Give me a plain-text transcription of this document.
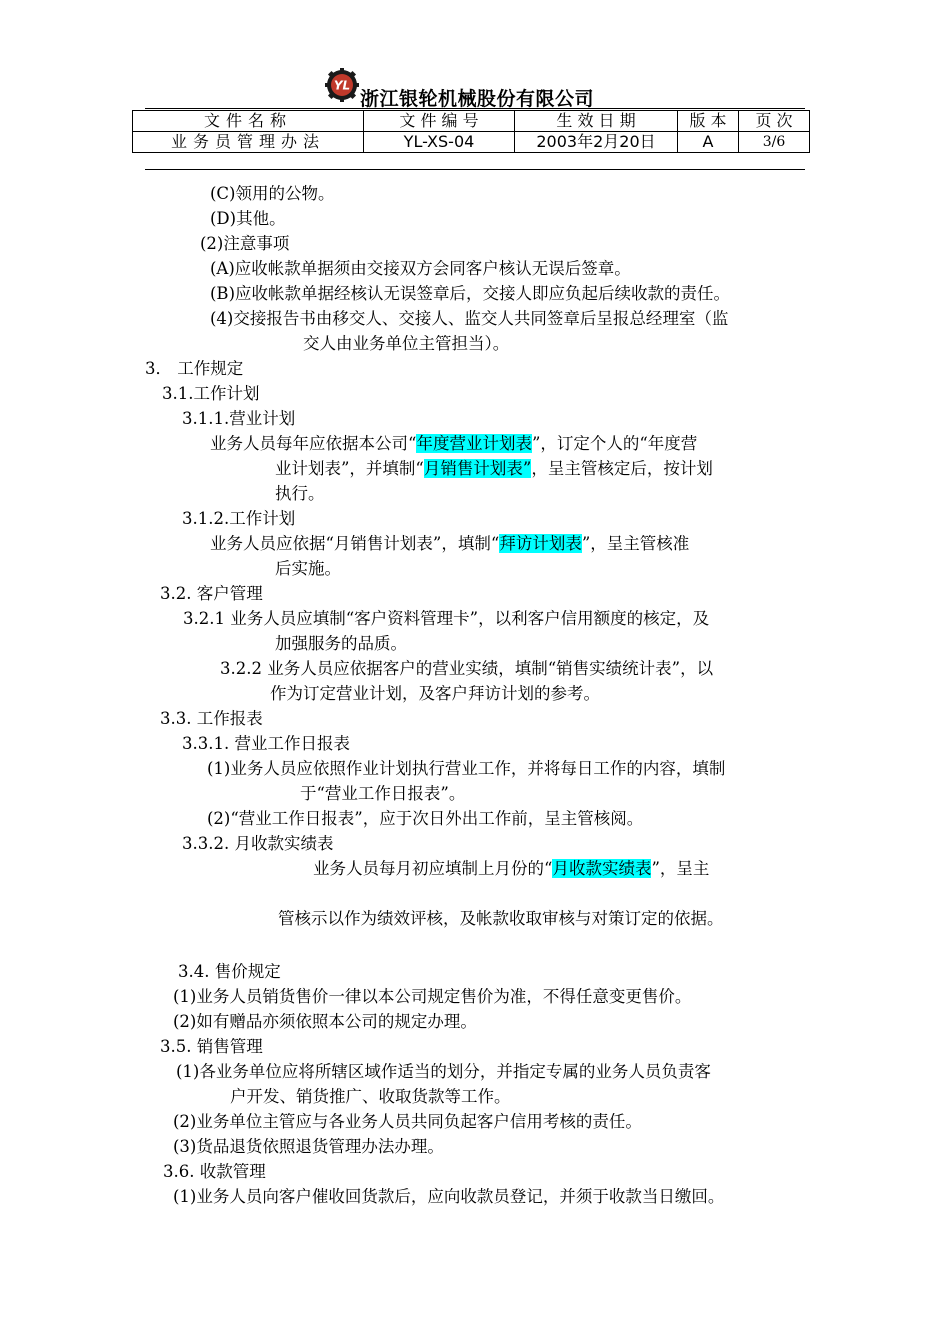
YL
浙江银轮机械股份有限公司
文件名称	文 件 编 号	生 效 日 期	版 本	页 次
业务员管理办法	YL-XS-04	2003年2月20日	A	3/6
(C)领用的公物。
(D)其他。
(2)注意事项
(A)应收帐款单据须由交接双方会同客户核认无误后签章。
(B)应收帐款单据经核认无误签章后，交接人即应负起后续收款的责任。
(4)交接报告书由移交人、交接人、监交人共同签章后呈报总经理室（监
交人由业务单位主管担当）。
3． 工作规定
3.1.工作计划
3.1.1.营业计划
业务人员每年应依据本公司“年度营业计划表”，订定个人的“年度营
业计划表”，并填制“月销售计划表”，呈主管核定后，按计划
执行。
3.1.2.工作计划
业务人员应依据“月销售计划表”，填制“拜访计划表”，呈主管核准
后实施。
3.2. 客户管理
3.2.1 业务人员应填制“客户资料管理卡”，以利客户信用额度的核定，及
加强服务的品质。
3.2.2 业务人员应依据客户的营业实绩，填制“销售实绩统计表”，以
作为订定营业计划，及客户拜访计划的参考。
3.3. 工作报表
3.3.1. 营业工作日报表
(1)业务人员应依照作业计划执行营业工作，并将每日工作的内容，填制
于“营业工作日报表”。
(2)“营业工作日报表”，应于次日外出工作前，呈主管核阅。
3.3.2. 月收款实绩表
业务人员每月初应填制上月份的“月收款实绩表”，呈主
管核示以作为绩效评核，及帐款收取审核与对策订定的依据。
3.4. 售价规定
(1)业务人员销货售价一律以本公司规定售价为准，不得任意变更售价。
(2)如有赠品亦须依照本公司的规定办理。
3.5. 销售管理
(1)各业务单位应将所辖区域作适当的划分，并指定专属的业务人员负责客
户开发、销货推广、收取货款等工作。
(2)业务单位主管应与各业务人员共同负起客户信用考核的责任。
(3)货品退货依照退货管理办法办理。
3.6. 收款管理
(1)业务人员向客户催收回货款后，应向收款员登记，并须于收款当日缴回。
